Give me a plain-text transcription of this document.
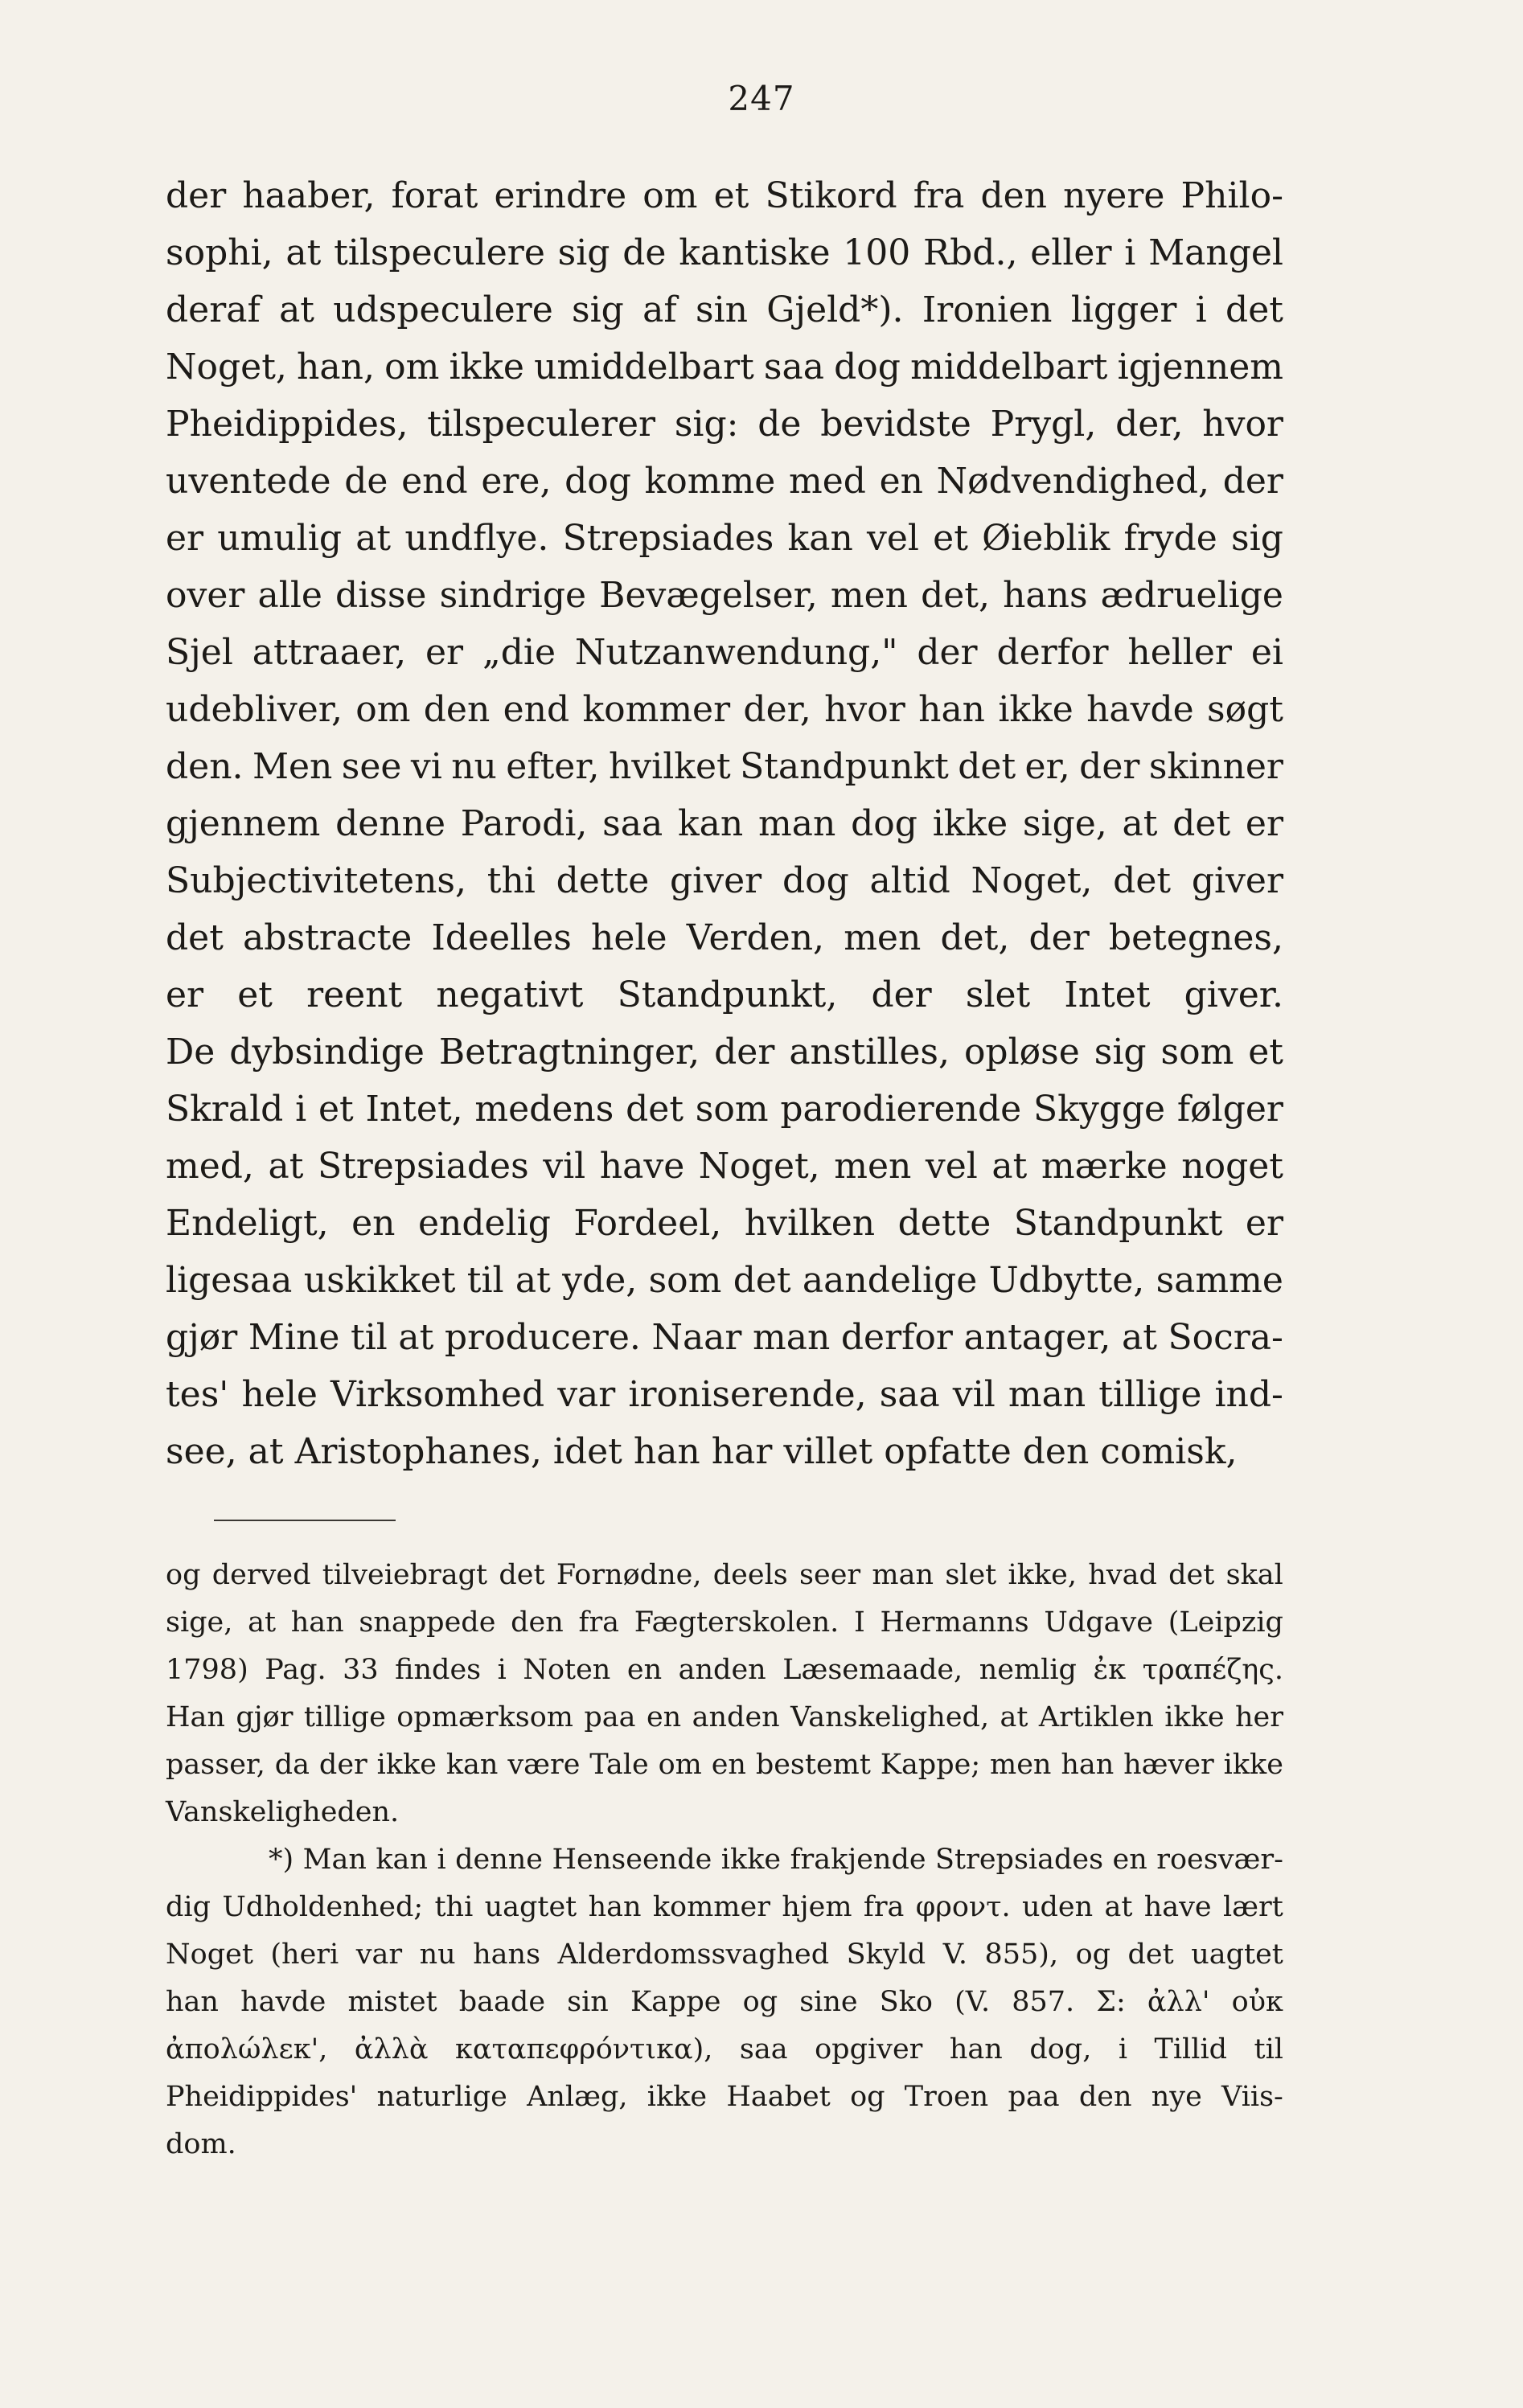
247
der haaber, forat erindre om et Stikord fra den nyere Philo-
sophi, at tilspeculere sig de kantiske 100 Rbd., eller i Mangel
deraf at udspeculere sig af sin Gjeld*). Ironien ligger i det
Noget, han, om ikke umiddelbart saa dog middelbart igjennem
Pheidippides, tilspeculerer sig: de bevidste Prygl, der, hvor
uventede de end ere, dog komme med en Nødvendighed, der
er umulig at undflye. Strepsiades kan vel et Øieblik fryde sig
over alle disse sindrige Bevægelser, men det, hans ædruelige
Sjel attraaer, er „die Nutzanwendung," der derfor heller ei
udebliver, om den end kommer der, hvor han ikke havde søgt
den. Men see vi nu efter, hvilket Standpunkt det er, der skinner
gjennem denne Parodi, saa kan man dog ikke sige, at det er
Subjectivitetens, thi dette giver dog altid Noget, det giver
det abstracte Ideelles hele Verden, men det, der betegnes,
er et reent negativt Standpunkt, der slet Intet giver.
De dybsindige Betragtninger, der anstilles, opløse sig som et
Skrald i et Intet, medens det som parodierende Skygge følger
med, at Strepsiades vil have Noget, men vel at mærke noget
Endeligt, en endelig Fordeel, hvilken dette Standpunkt er
ligesaa uskikket til at yde, som det aandelige Udbytte, samme
gjør Mine til at producere. Naar man derfor antager, at Socra-
tes' hele Virksomhed var ironiserende, saa vil man tillige ind-
see,
at
Aristophanes,
idet
han
har
villet
opfatte
den
comisk,
og derved tilveiebragt det Fornødne, deels seer man slet ikke, hvad det skal
sige, at han snappede den fra Fægterskolen. I Hermanns Udgave (Leipzig
1798) Pag. 33 findes i Noten en anden Læsemaade, nemlig ἐκ τραπέζης.
Han gjør tillige opmærksom paa en anden Vanskelighed, at Artiklen ikke her
passer, da der ikke kan være Tale om en bestemt Kappe; men han hæver ikke
Vanskeligheden.
*) Man kan i denne Henseende ikke frakjende Strepsiades en roesvær-
dig Udholdenhed; thi uagtet han kommer hjem fra φροντ. uden at have lært
Noget (heri var nu hans Alderdomssvaghed Skyld V. 855), og det uagtet
han havde mistet baade sin Kappe og sine Sko (V. 857. Σ: ἀλλ' οὐκ
ἀπολώλεκ', ἀλλὰ καταπεφρόντικα), saa opgiver han dog, i Tillid til
Pheidippides' naturlige Anlæg, ikke Haabet og Troen paa den nye Viis-
dom.
